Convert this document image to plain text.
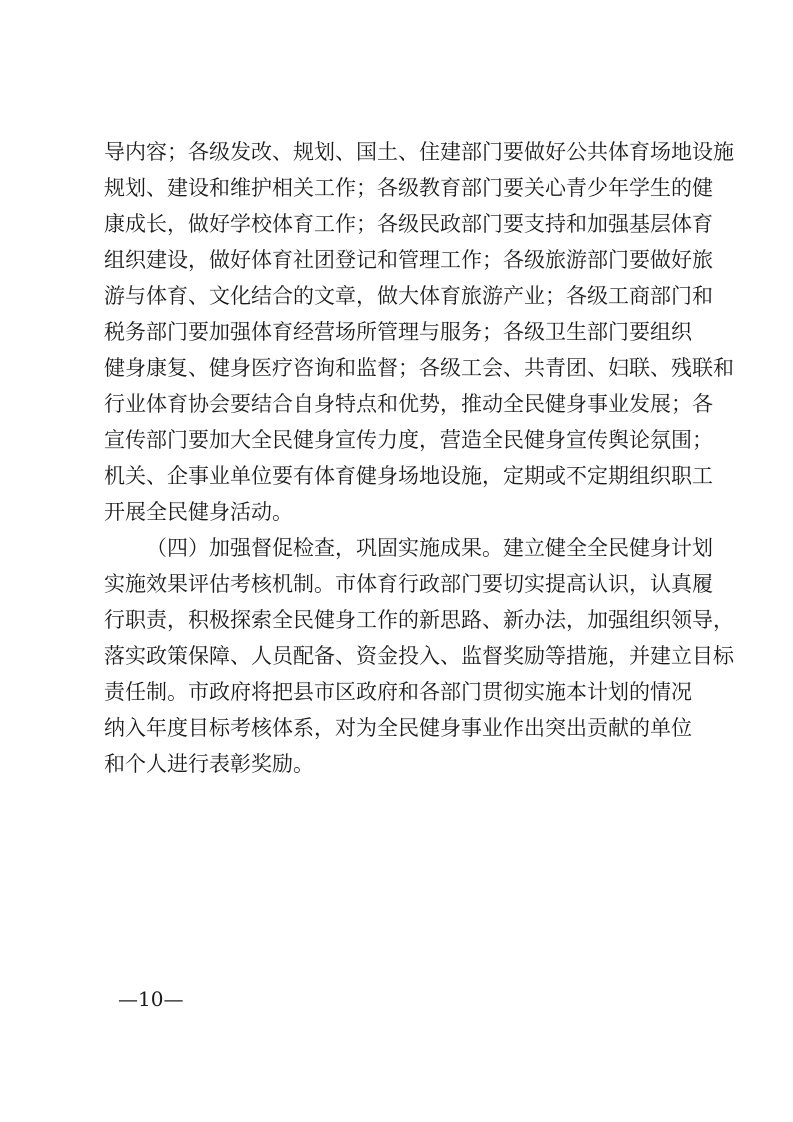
导内容；各级发改、规划、国土、住建部门要做好公共体育场地设施
规划、建设和维护相关工作；各级教育部门要关心青少年学生的健
康成长，做好学校体育工作；各级民政部门要支持和加强基层体育
组织建设，做好体育社团登记和管理工作；各级旅游部门要做好旅
游与体育、文化结合的文章，做大体育旅游产业；各级工商部门和
税务部门要加强体育经营场所管理与服务；各级卫生部门要组织
健身康复、健身医疗咨询和监督；各级工会、共青团、妇联、残联和
行业体育协会要结合自身特点和优势，推动全民健身事业发展；各
宣传部门要加大全民健身宣传力度，营造全民健身宣传舆论氛围；
机关、企事业单位要有体育健身场地设施，定期或不定期组织职工
开展全民健身活动。
（四）加强督促检查，巩固实施成果。建立健全全民健身计划
实施效果评估考核机制。市体育行政部门要切实提高认识，认真履
行职责，积极探索全民健身工作的新思路、新办法，加强组织领导，
落实政策保障、人员配备、资金投入、监督奖励等措施，并建立目标
责任制。市政府将把县市区政府和各部门贯彻实施本计划的情况
纳入年度目标考核体系，对为全民健身事业作出突出贡献的单位
和个人进行表彰奖励。
—10—
